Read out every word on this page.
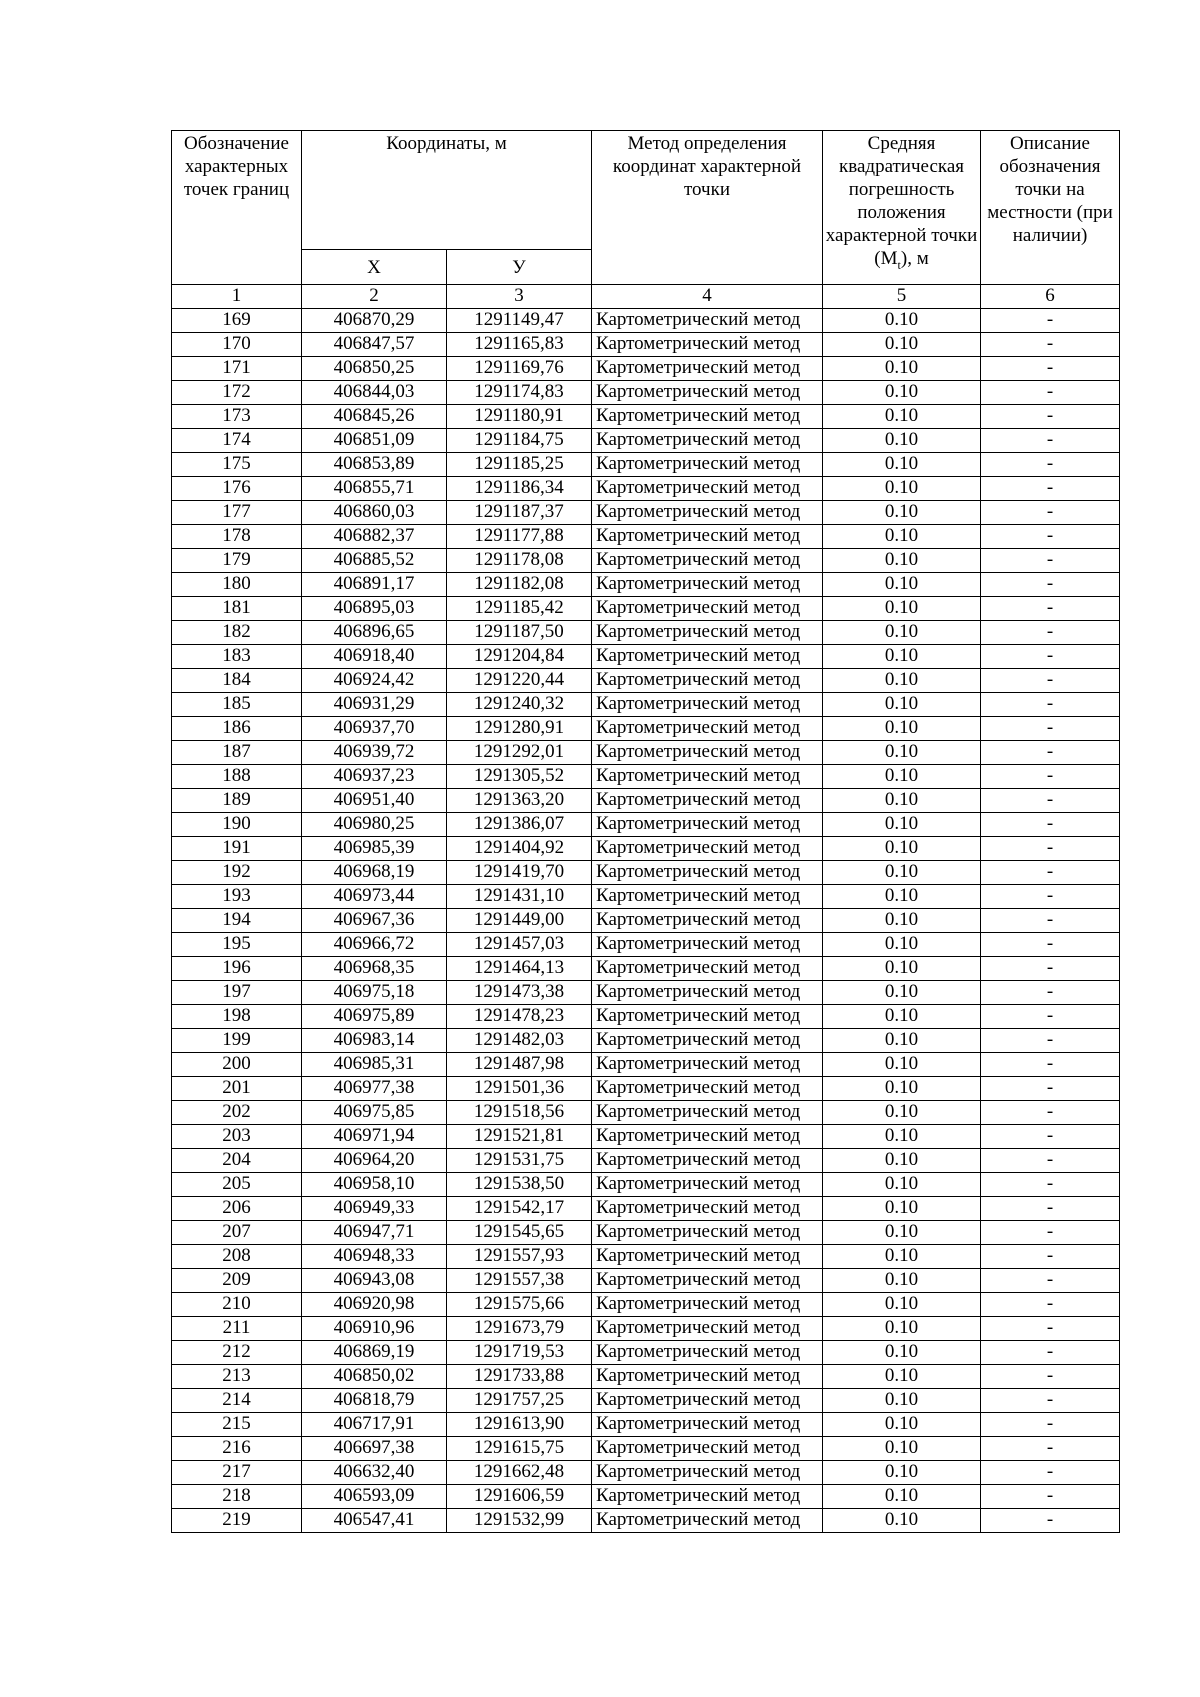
Обозначение характерных точек границ	Координаты, м		Метод определения координат характерной точки	Средняя квадратическая погрешность положения характерной точки $(M_t)$, м	Описание обозначения точки на местности (при наличии)
	Х	У			
1	2	3	4	5	6
169	406870,29	1291149,47	Картометрический метод	0.10	-
170	406847,57	1291165,83	Картометрический метод	0.10	-
171	406850,25	1291169,76	Картометрический метод	0.10	-
172	406844,03	1291174,83	Картометрический метод	0.10	-
173	406845,26	1291180,91	Картометрический метод	0.10	-
174	406851,09	1291184,75	Картометрический метод	0.10	-
175	406853,89	1291185,25	Картометрический метод	0.10	-
176	406855,71	1291186,34	Картометрический метод	0.10	-
177	406860,03	1291187,37	Картометрический метод	0.10	-
178	406882,37	1291177,88	Картометрический метод	0.10	-
179	406885,52	1291178,08	Картометрический метод	0.10	-
180	406891,17	1291182,08	Картометрический метод	0.10	-
181	406895,03	1291185,42	Картометрический метод	0.10	-
182	406896,65	1291187,50	Картометрический метод	0.10	-
183	406918,40	1291204,84	Картометрический метод	0.10	-
184	406924,42	1291220,44	Картометрический метод	0.10	-
185	406931,29	1291240,32	Картометрический метод	0.10	-
186	406937,70	1291280,91	Картометрический метод	0.10	-
187	406939,72	1291292,01	Картометрический метод	0.10	-
188	406937,23	1291305,52	Картометрический метод	0.10	-
189	406951,40	1291363,20	Картометрический метод	0.10	-
190	406980,25	1291386,07	Картометрический метод	0.10	-
191	406985,39	1291404,92	Картометрический метод	0.10	-
192	406968,19	1291419,70	Картометрический метод	0.10	-
193	406973,44	1291431,10	Картометрический метод	0.10	-
194	406967,36	1291449,00	Картометрический метод	0.10	-
195	406966,72	1291457,03	Картометрический метод	0.10	-
196	406968,35	1291464,13	Картометрический метод	0.10	-
197	406975,18	1291473,38	Картометрический метод	0.10	-
198	406975,89	1291478,23	Картометрический метод	0.10	-
199	406983,14	1291482,03	Картометрический метод	0.10	-
200	406985,31	1291487,98	Картометрический метод	0.10	-
201	406977,38	1291501,36	Картометрический метод	0.10	-
202	406975,85	1291518,56	Картометрический метод	0.10	-
203	406971,94	1291521,81	Картометрический метод	0.10	-
204	406964,20	1291531,75	Картометрический метод	0.10	-
205	406958,10	1291538,50	Картометрический метод	0.10	-
206	406949,33	1291542,17	Картометрический метод	0.10	-
207	406947,71	1291545,65	Картометрический метод	0.10	-
208	406948,33	1291557,93	Картометрический метод	0.10	-
209	406943,08	1291557,38	Картометрический метод	0.10	-
210	406920,98	1291575,66	Картометрический метод	0.10	-
211	406910,96	1291673,79	Картометрический метод	0.10	-
212	406869,19	1291719,53	Картометрический метод	0.10	-
213	406850,02	1291733,88	Картометрический метод	0.10	-
214	406818,79	1291757,25	Картометрический метод	0.10	-
215	406717,91	1291613,90	Картометрический метод	0.10	-
216	406697,38	1291615,75	Картометрический метод	0.10	-
217	406632,40	1291662,48	Картометрический метод	0.10	-
218	406593,09	1291606,59	Картометрический метод	0.10	-
219	406547,41	1291532,99	Картометрический метод	0.10	-
